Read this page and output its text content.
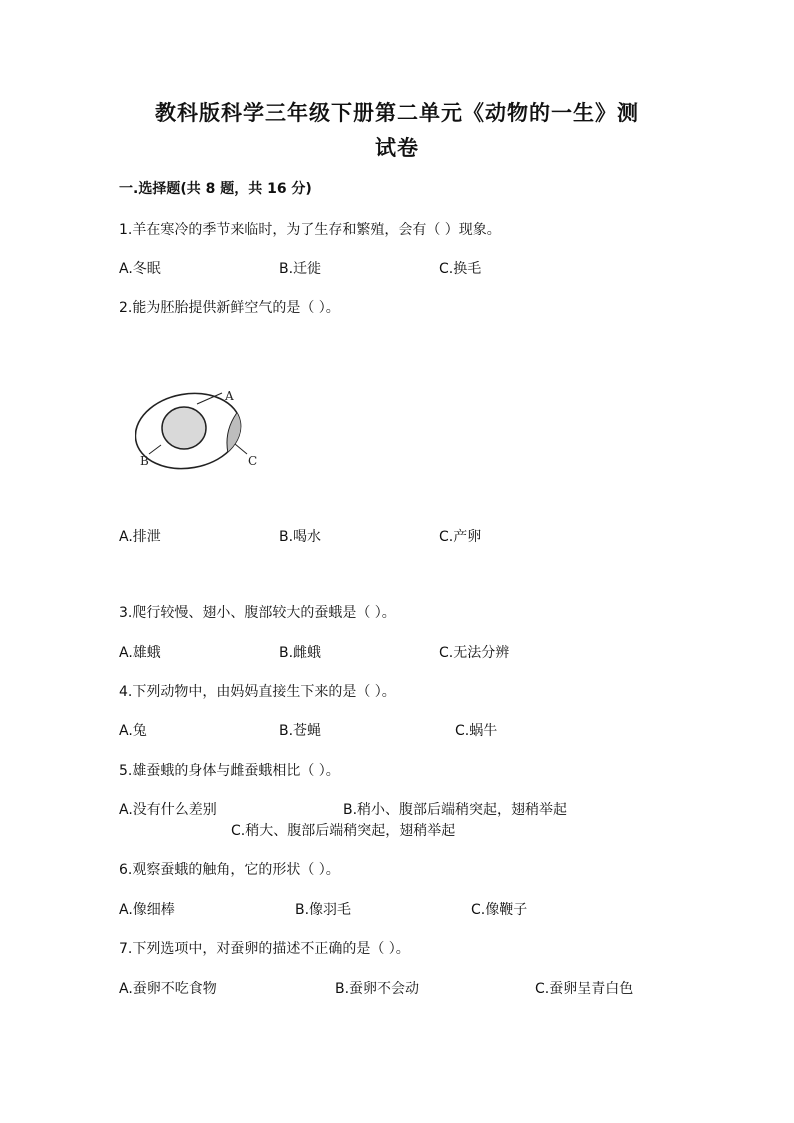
教科版科学三年级下册第二单元《动物的一生》测
试卷
一.选择题(共 8 题，共 16 分)
1.羊在寒冷的季节来临时，为了生存和繁殖，会有（ ）现象。
A.冬眠	B.迁徙	C.换毛
2.能为胚胎提供新鲜空气的是（ ）。
A
B	C
A.排泄	B.喝水	C.产卵
3.爬行较慢、翅小、腹部较大的蚕蛾是（ ）。
A.雄蛾	B.雌蛾	C.无法分辨
4.下列动物中，由妈妈直接生下来的是（ ）。
A.兔	B.苍蝇	C.蜗牛
5.雄蚕蛾的身体与雌蚕蛾相比（ ）。
A.没有什么差别	B.稍小、腹部后端稍突起，翅稍举起
C.稍大、腹部后端稍突起，翅稍举起
6.观察蚕蛾的触角，它的形状（ ）。
A.像细棒	B.像羽毛	C.像鞭子
7.下列选项中，对蚕卵的描述不正确的是（ ）。
A.蚕卵不吃食物	B.蚕卵不会动	C.蚕卵呈青白色
